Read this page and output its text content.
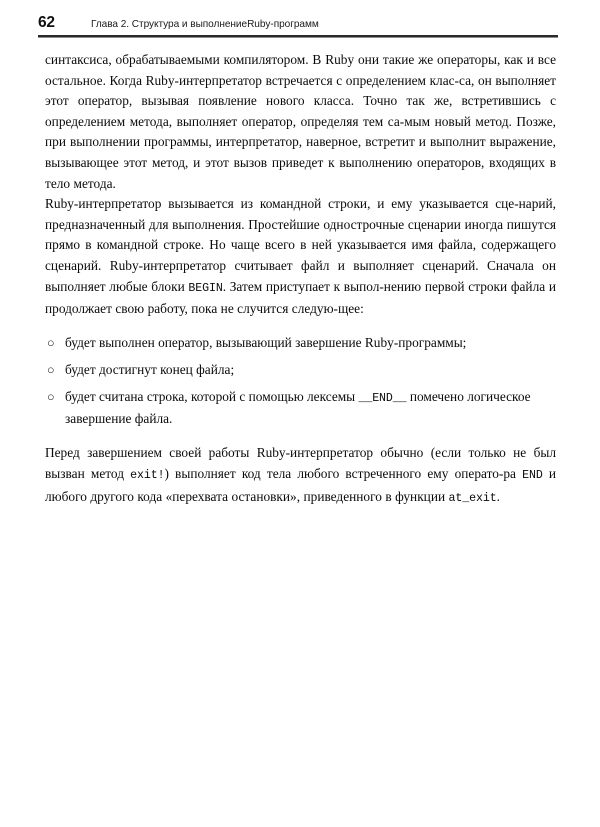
62	Глава 2. Структура и выполнениеRuby-программ

синтаксиса, обрабатываемыми компилятором. В Ruby они такие же операторы, как и все остальное. Когда Ruby-интерпретатор встречается с определением клас-са, он выполняет этот оператор, вызывая появление нового класса. Точно так же, встретившись с определением метода, выполняет оператор, определяя тем са-мым новый метод. Позже, при выполнении программы, интерпретатор, наверное, встретит и выполнит выражение, вызывающее этот метод, и этот вызов приведет к выполнению операторов, входящих в тело метода.

Ruby-интерпретатор вызывается из командной строки, и ему указывается сце-нарий, предназначенный для выполнения. Простейшие однострочные сценарии иногда пишутся прямо в командной строке. Но чаще всего в ней указывается имя файла, содержащего сценарий. Ruby-интерпретатор считывает файл и выполняет сценарий. Сначала он выполняет любые блоки BEGIN. Затем приступает к выпол-нению первой строки файла и продолжает свою работу, пока не случится следую-щее:

○ будет выполнен оператор, вызывающий завершение Ruby-программы;
○ будет достигнут конец файла;
○ будет считана строка, которой с помощью лексемы __END__ помечено логическое завершение файла.

Перед завершением своей работы Ruby-интерпретатор обычно (если только не был вызван метод exit!) выполняет код тела любого встреченного ему операто-ра END и любого другого кода «перехвата остановки», приведенного в функции at_exit.
